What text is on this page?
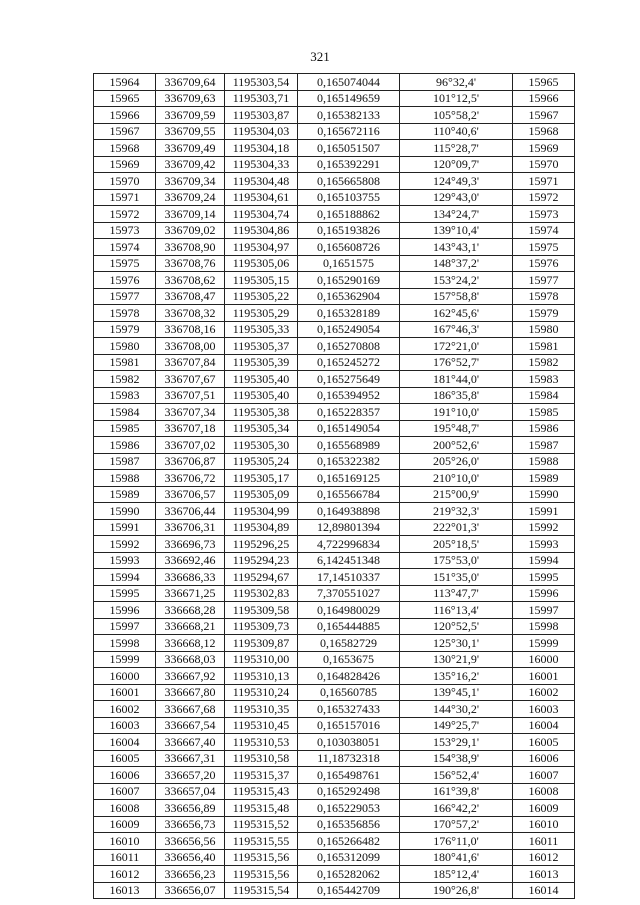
321
15964	336709,64	1195303,54	0,165074044	96°32,4'	15965
15965	336709,63	1195303,71	0,165149659	101°12,5'	15966
15966	336709,59	1195303,87	0,165382133	105°58,2'	15967
15967	336709,55	1195304,03	0,165672116	110°40,6'	15968
15968	336709,49	1195304,18	0,165051507	115°28,7'	15969
15969	336709,42	1195304,33	0,165392291	120°09,7'	15970
15970	336709,34	1195304,48	0,165665808	124°49,3'	15971
15971	336709,24	1195304,61	0,165103755	129°43,0'	15972
15972	336709,14	1195304,74	0,165188862	134°24,7'	15973
15973	336709,02	1195304,86	0,165193826	139°10,4'	15974
15974	336708,90	1195304,97	0,165608726	143°43,1'	15975
15975	336708,76	1195305,06	0,1651575	148°37,2'	15976
15976	336708,62	1195305,15	0,165290169	153°24,2'	15977
15977	336708,47	1195305,22	0,165362904	157°58,8'	15978
15978	336708,32	1195305,29	0,165328189	162°45,6'	15979
15979	336708,16	1195305,33	0,165249054	167°46,3'	15980
15980	336708,00	1195305,37	0,165270808	172°21,0'	15981
15981	336707,84	1195305,39	0,165245272	176°52,7'	15982
15982	336707,67	1195305,40	0,165275649	181°44,0'	15983
15983	336707,51	1195305,40	0,165394952	186°35,8'	15984
15984	336707,34	1195305,38	0,165228357	191°10,0'	15985
15985	336707,18	1195305,34	0,165149054	195°48,7'	15986
15986	336707,02	1195305,30	0,165568989	200°52,6'	15987
15987	336706,87	1195305,24	0,165322382	205°26,0'	15988
15988	336706,72	1195305,17	0,165169125	210°10,0'	15989
15989	336706,57	1195305,09	0,165566784	215°00,9'	15990
15990	336706,44	1195304,99	0,164938898	219°32,3'	15991
15991	336706,31	1195304,89	12,89801394	222°01,3'	15992
15992	336696,73	1195296,25	4,722996834	205°18,5'	15993
15993	336692,46	1195294,23	6,142451348	175°53,0'	15994
15994	336686,33	1195294,67	17,14510337	151°35,0'	15995
15995	336671,25	1195302,83	7,370551027	113°47,7'	15996
15996	336668,28	1195309,58	0,164980029	116°13,4'	15997
15997	336668,21	1195309,73	0,165444885	120°52,5'	15998
15998	336668,12	1195309,87	0,16582729	125°30,1'	15999
15999	336668,03	1195310,00	0,1653675	130°21,9'	16000
16000	336667,92	1195310,13	0,164828426	135°16,2'	16001
16001	336667,80	1195310,24	0,16560785	139°45,1'	16002
16002	336667,68	1195310,35	0,165327433	144°30,2'	16003
16003	336667,54	1195310,45	0,165157016	149°25,7'	16004
16004	336667,40	1195310,53	0,103038051	153°29,1'	16005
16005	336667,31	1195310,58	11,18732318	154°38,9'	16006
16006	336657,20	1195315,37	0,165498761	156°52,4'	16007
16007	336657,04	1195315,43	0,165292498	161°39,8'	16008
16008	336656,89	1195315,48	0,165229053	166°42,2'	16009
16009	336656,73	1195315,52	0,165356856	170°57,2'	16010
16010	336656,56	1195315,55	0,165266482	176°11,0'	16011
16011	336656,40	1195315,56	0,165312099	180°41,6'	16012
16012	336656,23	1195315,56	0,165282062	185°12,4'	16013
16013	336656,07	1195315,54	0,165442709	190°26,8'	16014
